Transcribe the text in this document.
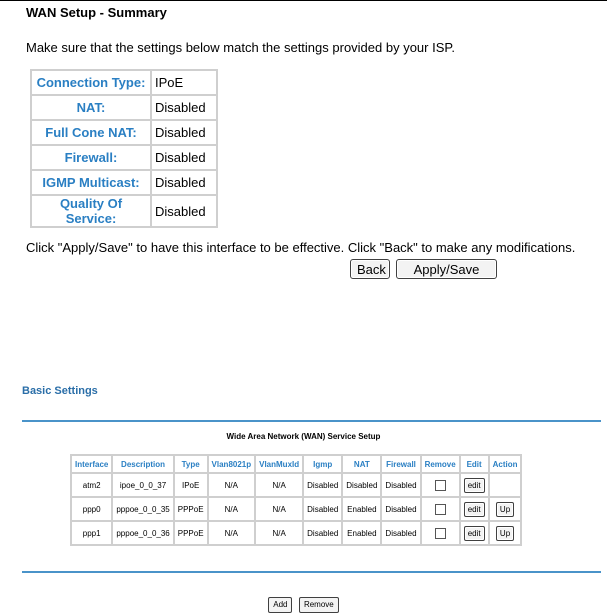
WAN Setup - Summary
Make sure that the settings below match the settings provided by your ISP.
Connection Type:	IPoE
NAT:	Disabled
Full Cone NAT:	Disabled
Firewall:	Disabled
IGMP Multicast:	Disabled
Quality Of Service:	Disabled
Click "Apply/Save" to have this interface to be effective. Click "Back" to make any modifications.
Back	Apply/Save
Basic Settings
Wide Area Network (WAN) Service Setup
Interface	Description	Type	Vlan8021p	VlanMuxId	Igmp	NAT	Firewall	Remove	Edit	Action
atm2	ipoe_0_0_37	IPoE	N/A	N/A	Disabled	Disabled	Disabled		edit	
ppp0	pppoe_0_0_35	PPPoE	N/A	N/A	Disabled	Enabled	Disabled		edit	Up
ppp1	pppoe_0_0_36	PPPoE	N/A	N/A	Disabled	Enabled	Disabled		edit	Up
Add Remove
